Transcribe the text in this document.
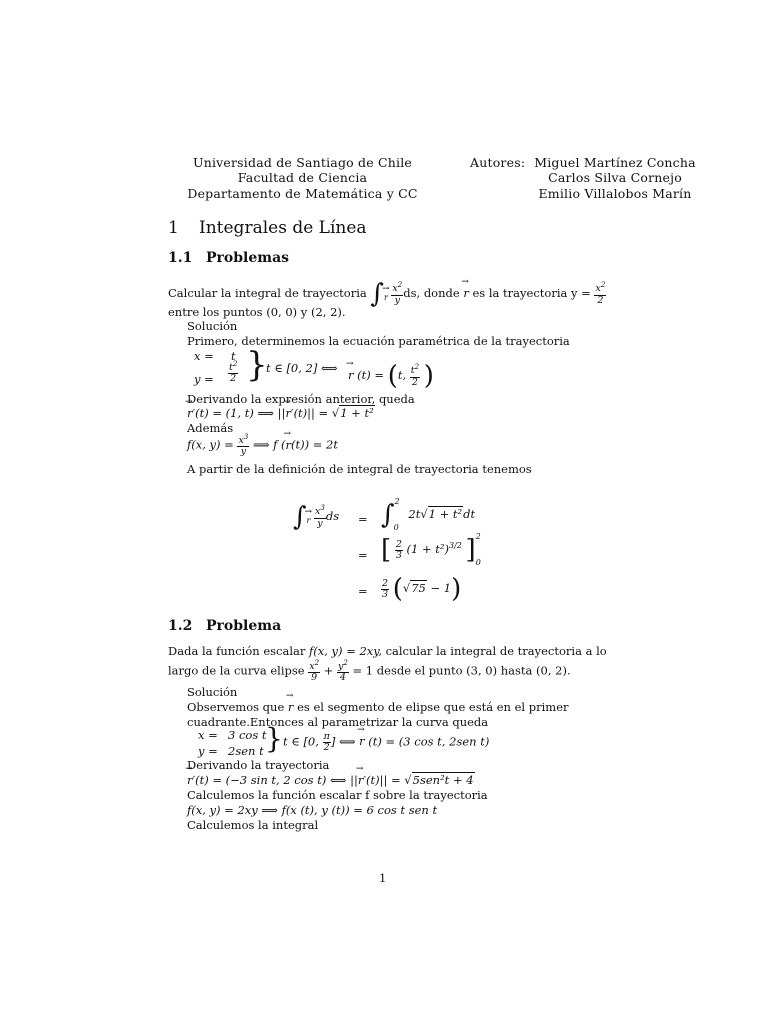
Universidad de Santiago de Chile
Facultad de Ciencia
Departamento de Matemática y CC
Autores: Miguel Martínez Concha
Carlos Silva Cornejo
Emilio Villalobos Marín
1 Integrales de Línea
1.1 Problemas
Calcular la integral de trayectoria ∫→ r $\frac{x^2}{y}$ ds, donde → r es la trayectoria $y = \frac{x^2}{2}$
entre los puntos (0, 0) y (2, 2).
Solución
Primero, determinemos la ecuación paramétrica de la trayectoria
x = t
$y = \frac{t^2}{2}$ }
t ∈ [0, 2] ⟺ → r (t) = (t, $\frac{t^2}{2}$ )
Derivando la expresión anterior, queda
→ r′(t) = (1, t) ⟹ ||→ r′(t)|| = √1 + t²
Además
f(x, $y) = \frac{x^3}{y}$ ⟹ f (→ r(t)) = 2t
A partir de la definición de integral de trayectoria tenemos
∫→ r $\frac{x^3}{y}$ ds = ∫$^2_0$ 2t√1 + t²dt
= [ $\frac{2}{3} (1 + t^2)^{3/2}$ ]$^2_0$
= $\frac{2}{3} (√75 - 1)$
1.2 Problema
Dada la función escalar f(x, y) = 2xy, calcular la integral de trayectoria a lo
largo de la curva elipse $\frac{x^2}{9} + \frac{y^2}{4} = 1$ desde el punto (3, 0) hasta (0, 2).
Solución
Observemos que → r es el segmento de elipse que está en el primer
cuadrante.Entonces al parametrizar la curva queda
x = 3 cos t
y = 2sen t } t ∈ [0, $\frac{\pi}{2}$ ] ⟺ → r (t) = (3 cos t, 2sen t)
Derivando la trayectoria
→ r′(t) = (−3 sin t, 2 cos t) ⟺ ||→ r′(t)|| = √5sen²t + 4
Calculemos la función escalar f sobre la trayectoria
f(x, y) = 2xy ⟹ f(x (t), y (t)) = 6 cos t sen t
Calculemos la integral
1
